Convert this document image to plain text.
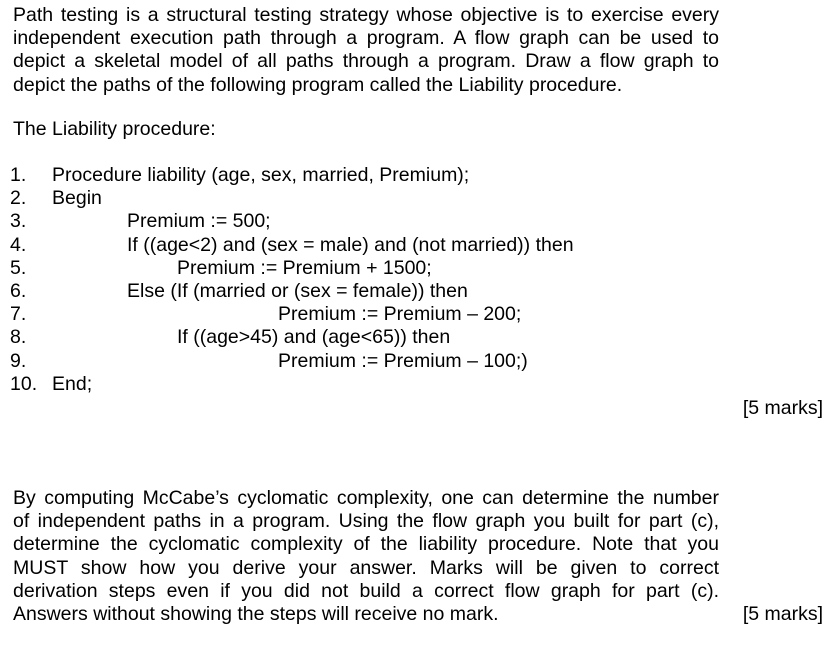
Path testing is a structural testing strategy whose objective is to exercise every
independent execution path through a program. A flow graph can be used to
depict a skeletal model of all paths through a program. Draw a flow graph to
depict the paths of the following program called the Liability procedure.

The Liability procedure:

1. Procedure liability (age, sex, married, Premium);
2. Begin
3.	Premium := 500;
4.	If ((age<2) and (sex = male) and (not married)) then
5.	Premium := Premium + 1500;
6.	Else (If (married or (sex = female)) then
7.	Premium := Premium – 200;
8.	If ((age>45) and (age<65)) then
9.	Premium := Premium – 100;)
10. End;
[5 marks]
By computing McCabe’s cyclomatic complexity, one can determine the number
of independent paths in a program. Using the flow graph you built for part (c),
determine the cyclomatic complexity of the liability procedure. Note that you
MUST show how you derive your answer. Marks will be given to correct
derivation steps even if you did not build a correct flow graph for part (c).
Answers without showing the steps will receive no mark.	[5 marks]
